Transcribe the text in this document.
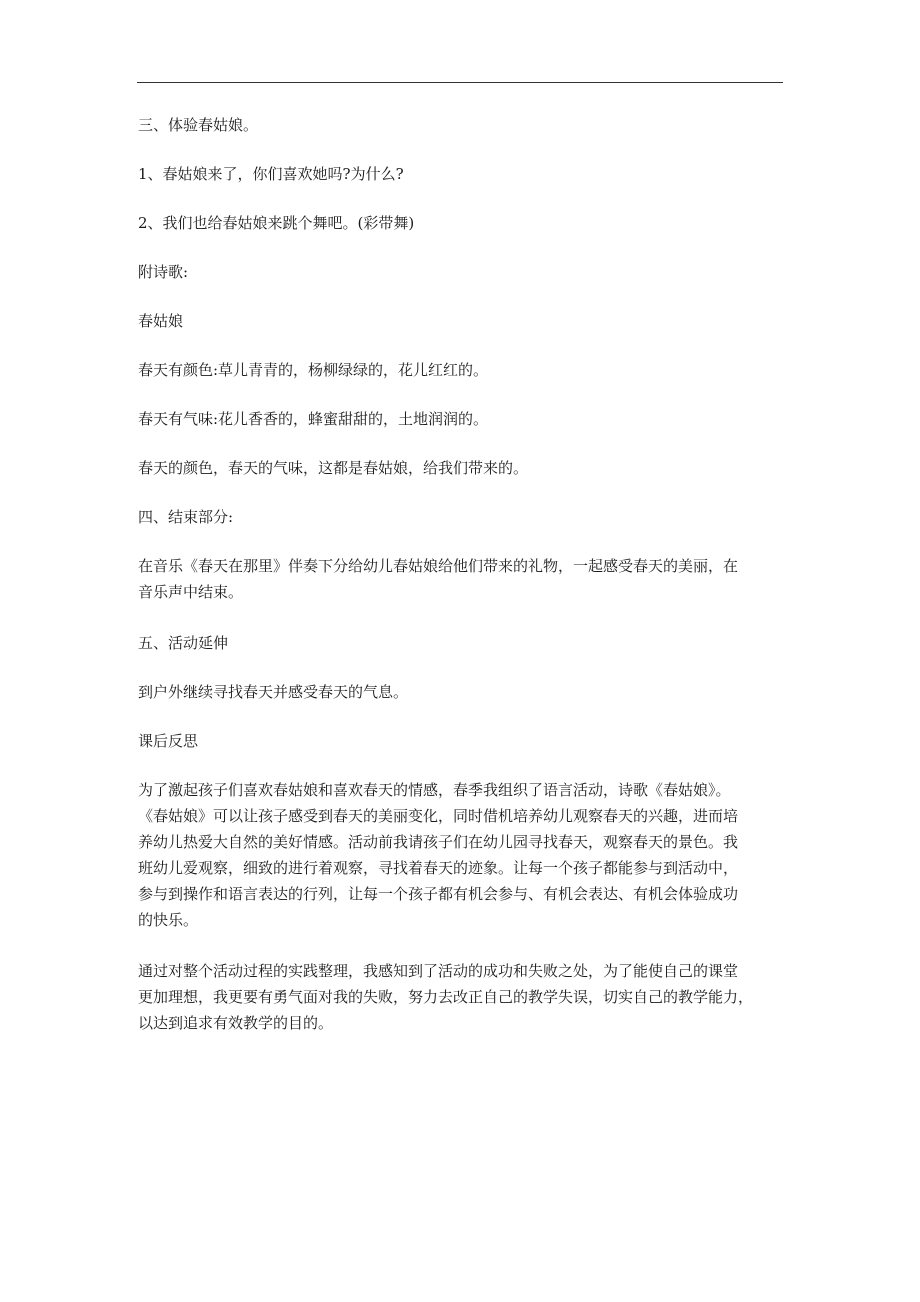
三、体验春姑娘。

1、春姑娘来了，你们喜欢她吗?为什么?

2、我们也给春姑娘来跳个舞吧。(彩带舞)

附诗歌:

春姑娘

春天有颜色:草儿青青的，杨柳绿绿的，花儿红红的。

春天有气味:花儿香香的，蜂蜜甜甜的，土地润润的。

春天的颜色，春天的气味，这都是春姑娘，给我们带来的。

四、结束部分:

在音乐《春天在那里》伴奏下分给幼儿春姑娘给他们带来的礼物，一起感受春天的美丽，在
音乐声中结束。

五、活动延伸

到户外继续寻找春天并感受春天的气息。

课后反思

为了激起孩子们喜欢春姑娘和喜欢春天的情感，春季我组织了语言活动，诗歌《春姑娘》。
《春姑娘》可以让孩子感受到春天的美丽变化，同时借机培养幼儿观察春天的兴趣，进而培
养幼儿热爱大自然的美好情感。活动前我请孩子们在幼儿园寻找春天，观察春天的景色。我
班幼儿爱观察，细致的进行着观察，寻找着春天的迹象。让每一个孩子都能参与到活动中，
参与到操作和语言表达的行列，让每一个孩子都有机会参与、有机会表达、有机会体验成功
的快乐。

通过对整个活动过程的实践整理，我感知到了活动的成功和失败之处，为了能使自己的课堂
更加理想，我更要有勇气面对我的失败，努力去改正自己的教学失误，切实自己的教学能力，
以达到追求有效教学的目的。
